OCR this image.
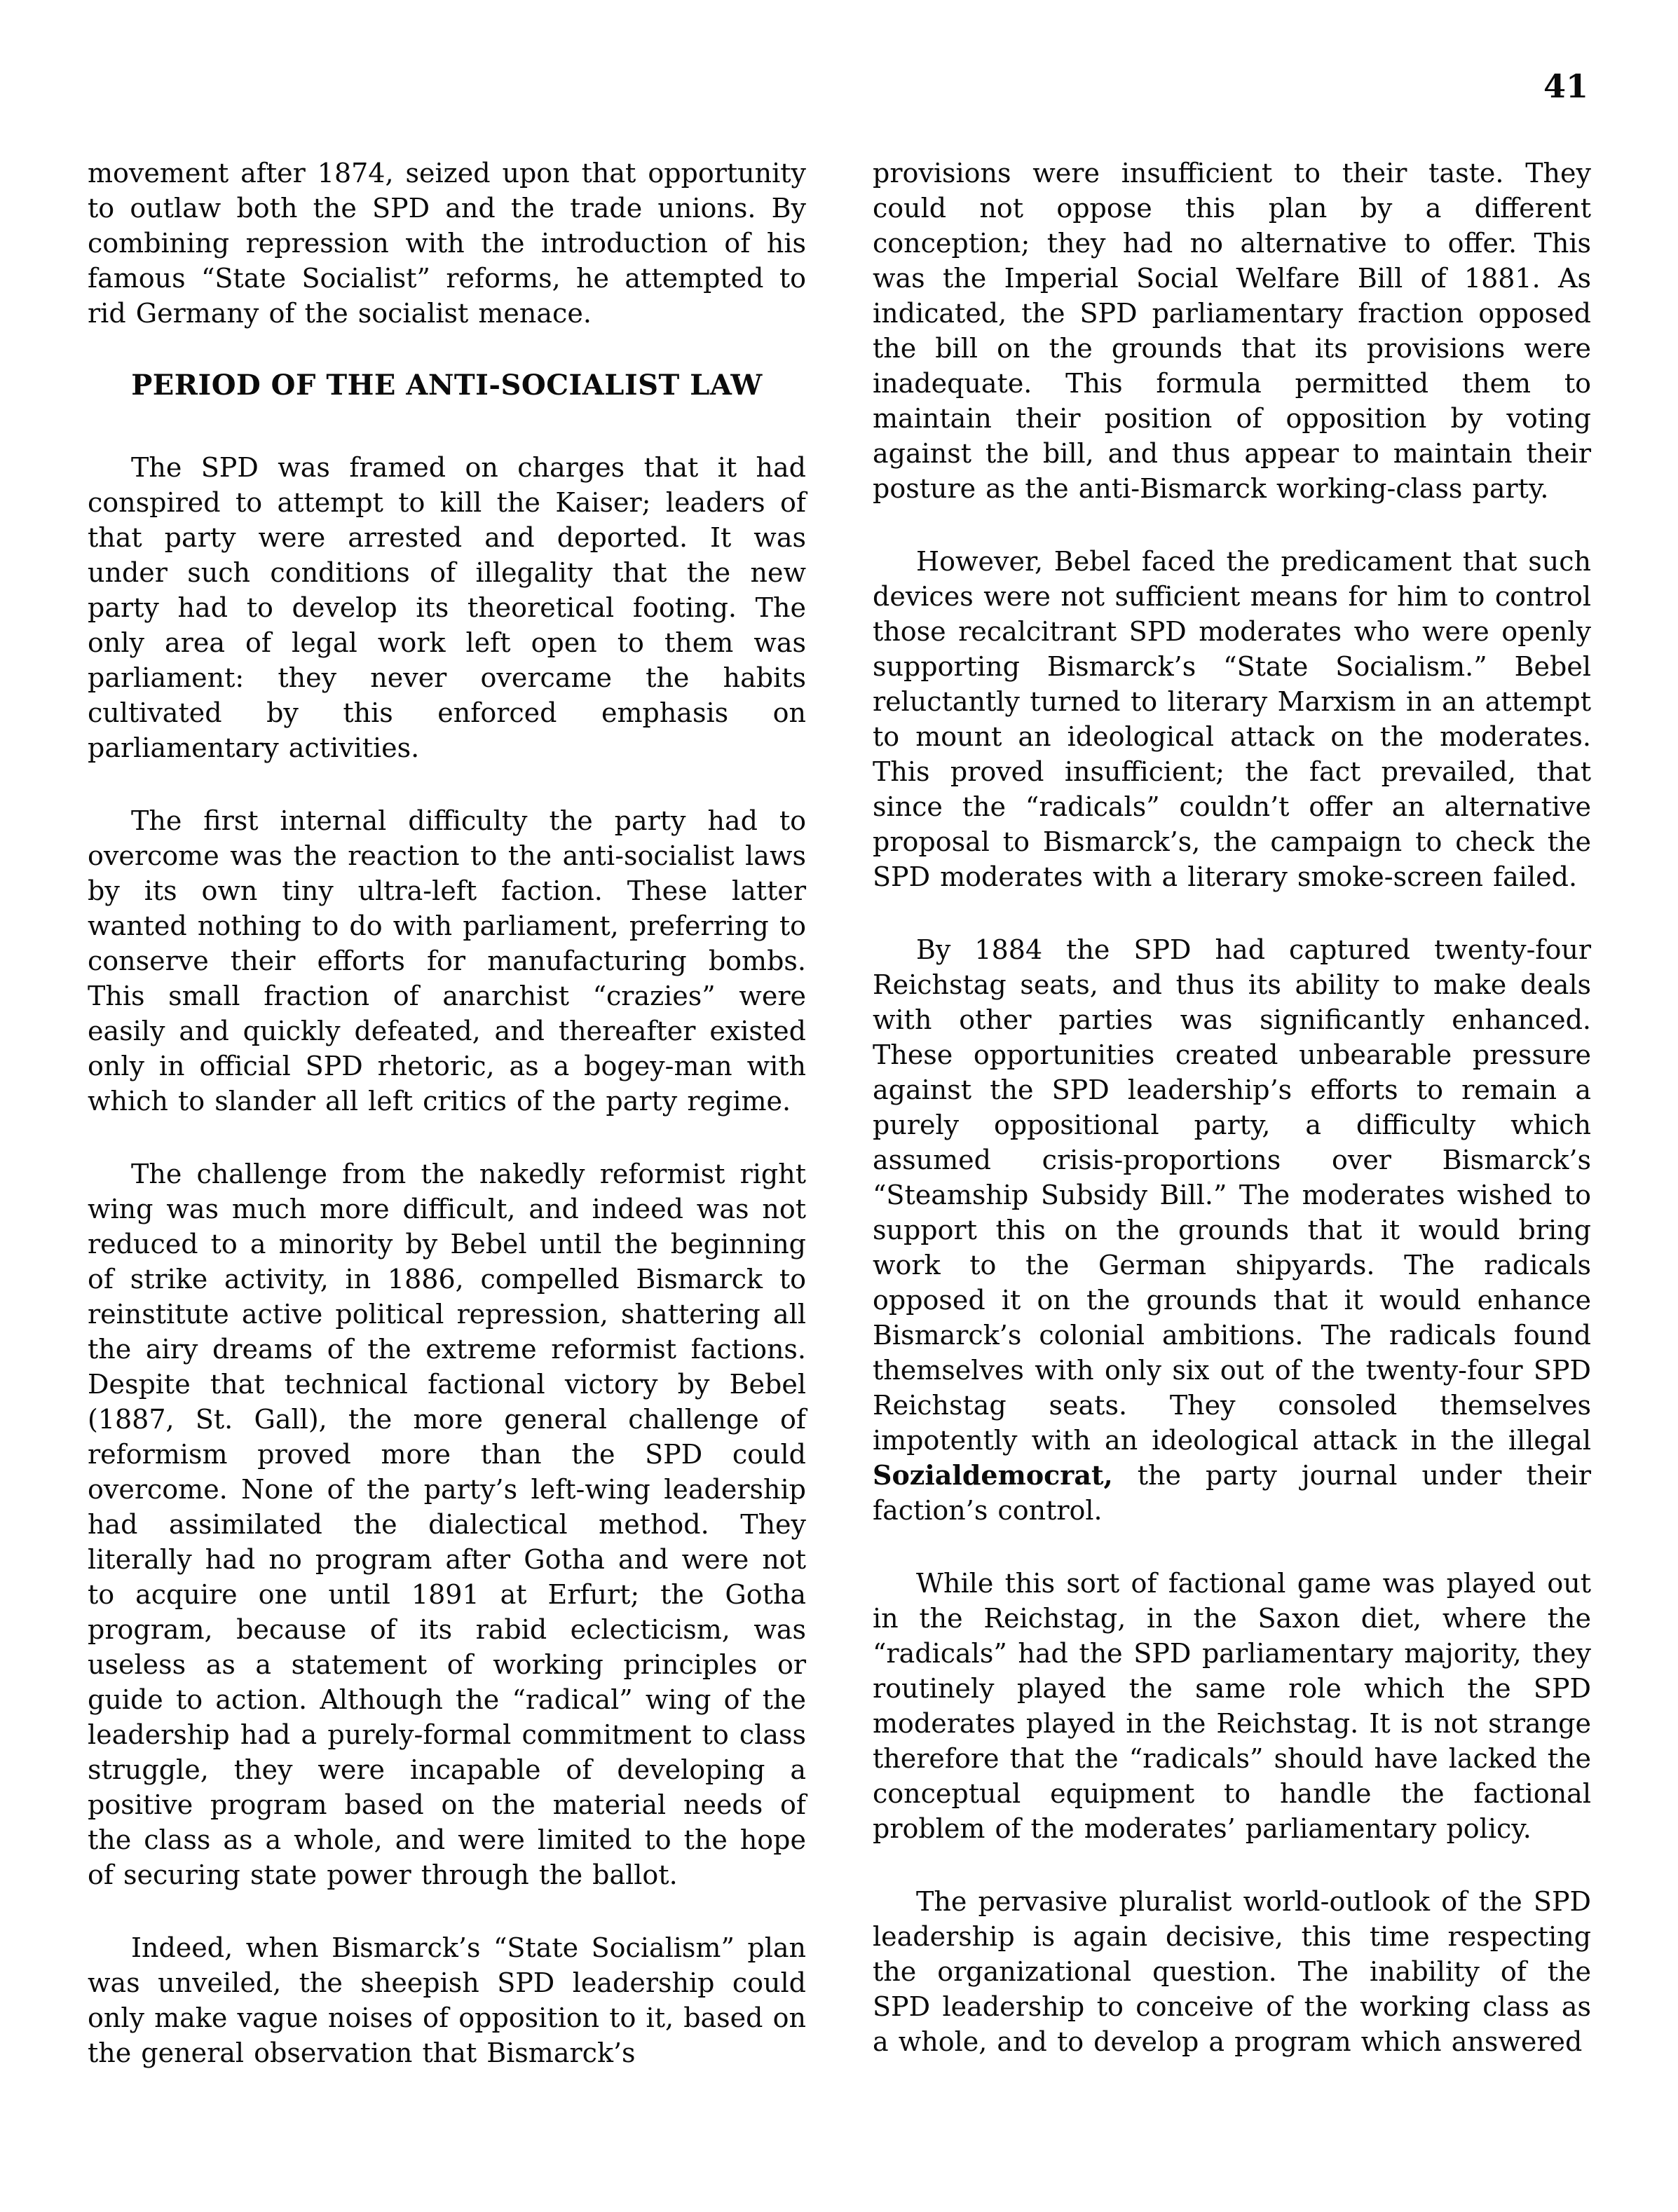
41

movement after 1874, seized upon that opportunity to outlaw both the SPD and the trade unions. By combining repression with the introduction of his famous “State Socialist” reforms, he attempted to rid Germany of the socialist menace.

PERIOD OF THE ANTI-SOCIALIST LAW

The SPD was framed on charges that it had conspired to attempt to kill the Kaiser; leaders of that party were arrested and deported. It was under such conditions of illegality that the new party had to develop its theoretical footing. The only area of legal work left open to them was parliament: they never overcame the habits cultivated by this enforced emphasis on parliamentary activities.

The first internal difficulty the party had to overcome was the reaction to the anti-socialist laws by its own tiny ultra-left faction. These latter wanted nothing to do with parliament, preferring to conserve their efforts for manufacturing bombs. This small fraction of anarchist “crazies” were easily and quickly defeated, and thereafter existed only in official SPD rhetoric, as a bogey-man with which to slander all left critics of the party regime.

The challenge from the nakedly reformist right wing was much more difficult, and indeed was not reduced to a minority by Bebel until the beginning of strike activity, in 1886, compelled Bismarck to reinstitute active political repression, shattering all the airy dreams of the extreme reformist factions. Despite that technical factional victory by Bebel (1887, St. Gall), the more general challenge of reformism proved more than the SPD could overcome. None of the party’s left-wing leadership had assimilated the dialectical method. They literally had no program after Gotha and were not to acquire one until 1891 at Erfurt; the Gotha program, because of its rabid eclecticism, was useless as a statement of working principles or guide to action. Although the “radical” wing of the leadership had a purely-formal commitment to class struggle, they were incapable of developing a positive program based on the material needs of the class as a whole, and were limited to the hope of securing state power through the ballot.

Indeed, when Bismarck’s “State Socialism” plan was unveiled, the sheepish SPD leadership could only make vague noises of opposition to it, based on the general observation that Bismarck’s

provisions were insufficient to their taste. They could not oppose this plan by a different conception; they had no alternative to offer. This was the Imperial Social Welfare Bill of 1881. As indicated, the SPD parliamentary fraction opposed the bill on the grounds that its provisions were inadequate. This formula permitted them to maintain their position of opposition by voting against the bill, and thus appear to maintain their posture as the anti-Bismarck working-class party.

However, Bebel faced the predicament that such devices were not sufficient means for him to control those recalcitrant SPD moderates who were openly supporting Bismarck’s “State Socialism.” Bebel reluctantly turned to literary Marxism in an attempt to mount an ideological attack on the moderates. This proved insufficient; the fact prevailed, that since the “radicals” couldn’t offer an alternative proposal to Bismarck’s, the campaign to check the SPD moderates with a literary smoke-screen failed.

By 1884 the SPD had captured twenty-four Reichstag seats, and thus its ability to make deals with other parties was significantly enhanced. These opportunities created unbearable pressure against the SPD leadership’s efforts to remain a purely oppositional party, a difficulty which assumed crisis-proportions over Bismarck’s “Steamship Subsidy Bill.” The moderates wished to support this on the grounds that it would bring work to the German shipyards. The radicals opposed it on the grounds that it would enhance Bismarck’s colonial ambitions. The radicals found themselves with only six out of the twenty-four SPD Reichstag seats. They consoled themselves impotently with an ideological attack in the illegal Sozialdemocrat, the party journal under their faction’s control.

While this sort of factional game was played out in the Reichstag, in the Saxon diet, where the “radicals” had the SPD parliamentary majority, they routinely played the same role which the SPD moderates played in the Reichstag. It is not strange therefore that the “radicals” should have lacked the conceptual equipment to handle the factional problem of the moderates’ parliamentary policy.

The pervasive pluralist world-outlook of the SPD leadership is again decisive, this time respecting the organizational question. The inability of the SPD leadership to conceive of the working class as a whole, and to develop a program which answered
